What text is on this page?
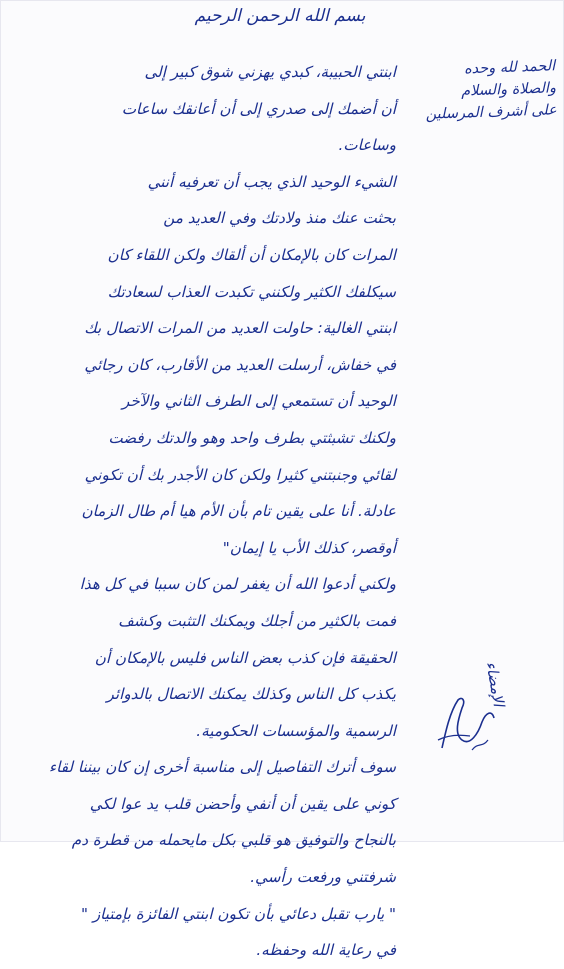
بسم الله الرحمن الرحيم
الحمد لله وحده
والصلاة والسلام
على أشرف المرسلين
ابنتي الحبيبة، كبدي يهزني شوق كبير إلى
أن أضمك إلى صدري إلى أن أعانقك ساعات
وساعات.
الشيء الوحيد الذي يجب أن تعرفيه أنني
بحثت عنك منذ ولادتك وفي العديد من
المرات كان بالإمكان أن ألقاك ولكن اللقاء كان
سيكلفك الكثير ولكنني تكبدت العذاب لسعادتك
ابنتي الغالية: حاولت العديد من المرات الاتصال بك
في خفاش، أرسلت العديد من الأقارب، كان رجائي
الوحيد أن تستمعي إلى الطرف الثاني والآخر
ولكنك تشبثتي بطرف واحد وهو والدتك رفضت
لقائي وجنبتني كثيرا ولكن كان الأجدر بك أن تكوني
عادلة. أنا على يقين تام بأن الأم هيا أم طال الزمان
أوقصر، كذلك الأب يا إيمان"
ولكني أدعوا الله أن يغفر لمن كان سببا في كل هذا
فمت بالكثير من أجلك ويمكنك التثبت وكشف
الحقيقة فإن كذب بعض الناس فليس بالإمكان أن
يكذب كل الناس وكذلك يمكنك الاتصال بالدوائر
الرسمية والمؤسسات الحكومية.
سوف أترك التفاصيل إلى مناسبة أخرى إن كان بيننا لقاء
كوني على يقين أن أنفي وأحضن قلب يد عوا لكي
بالنجاح والتوفيق هو قلبي بكل مايحمله من قطرة دم
شرفتني ورفعت رأسي.
" يارب تقبل دعائي بأن تكون ابنتي الفائزة بإمتياز "
في رعاية الله وحفظه.
الإمضاء
